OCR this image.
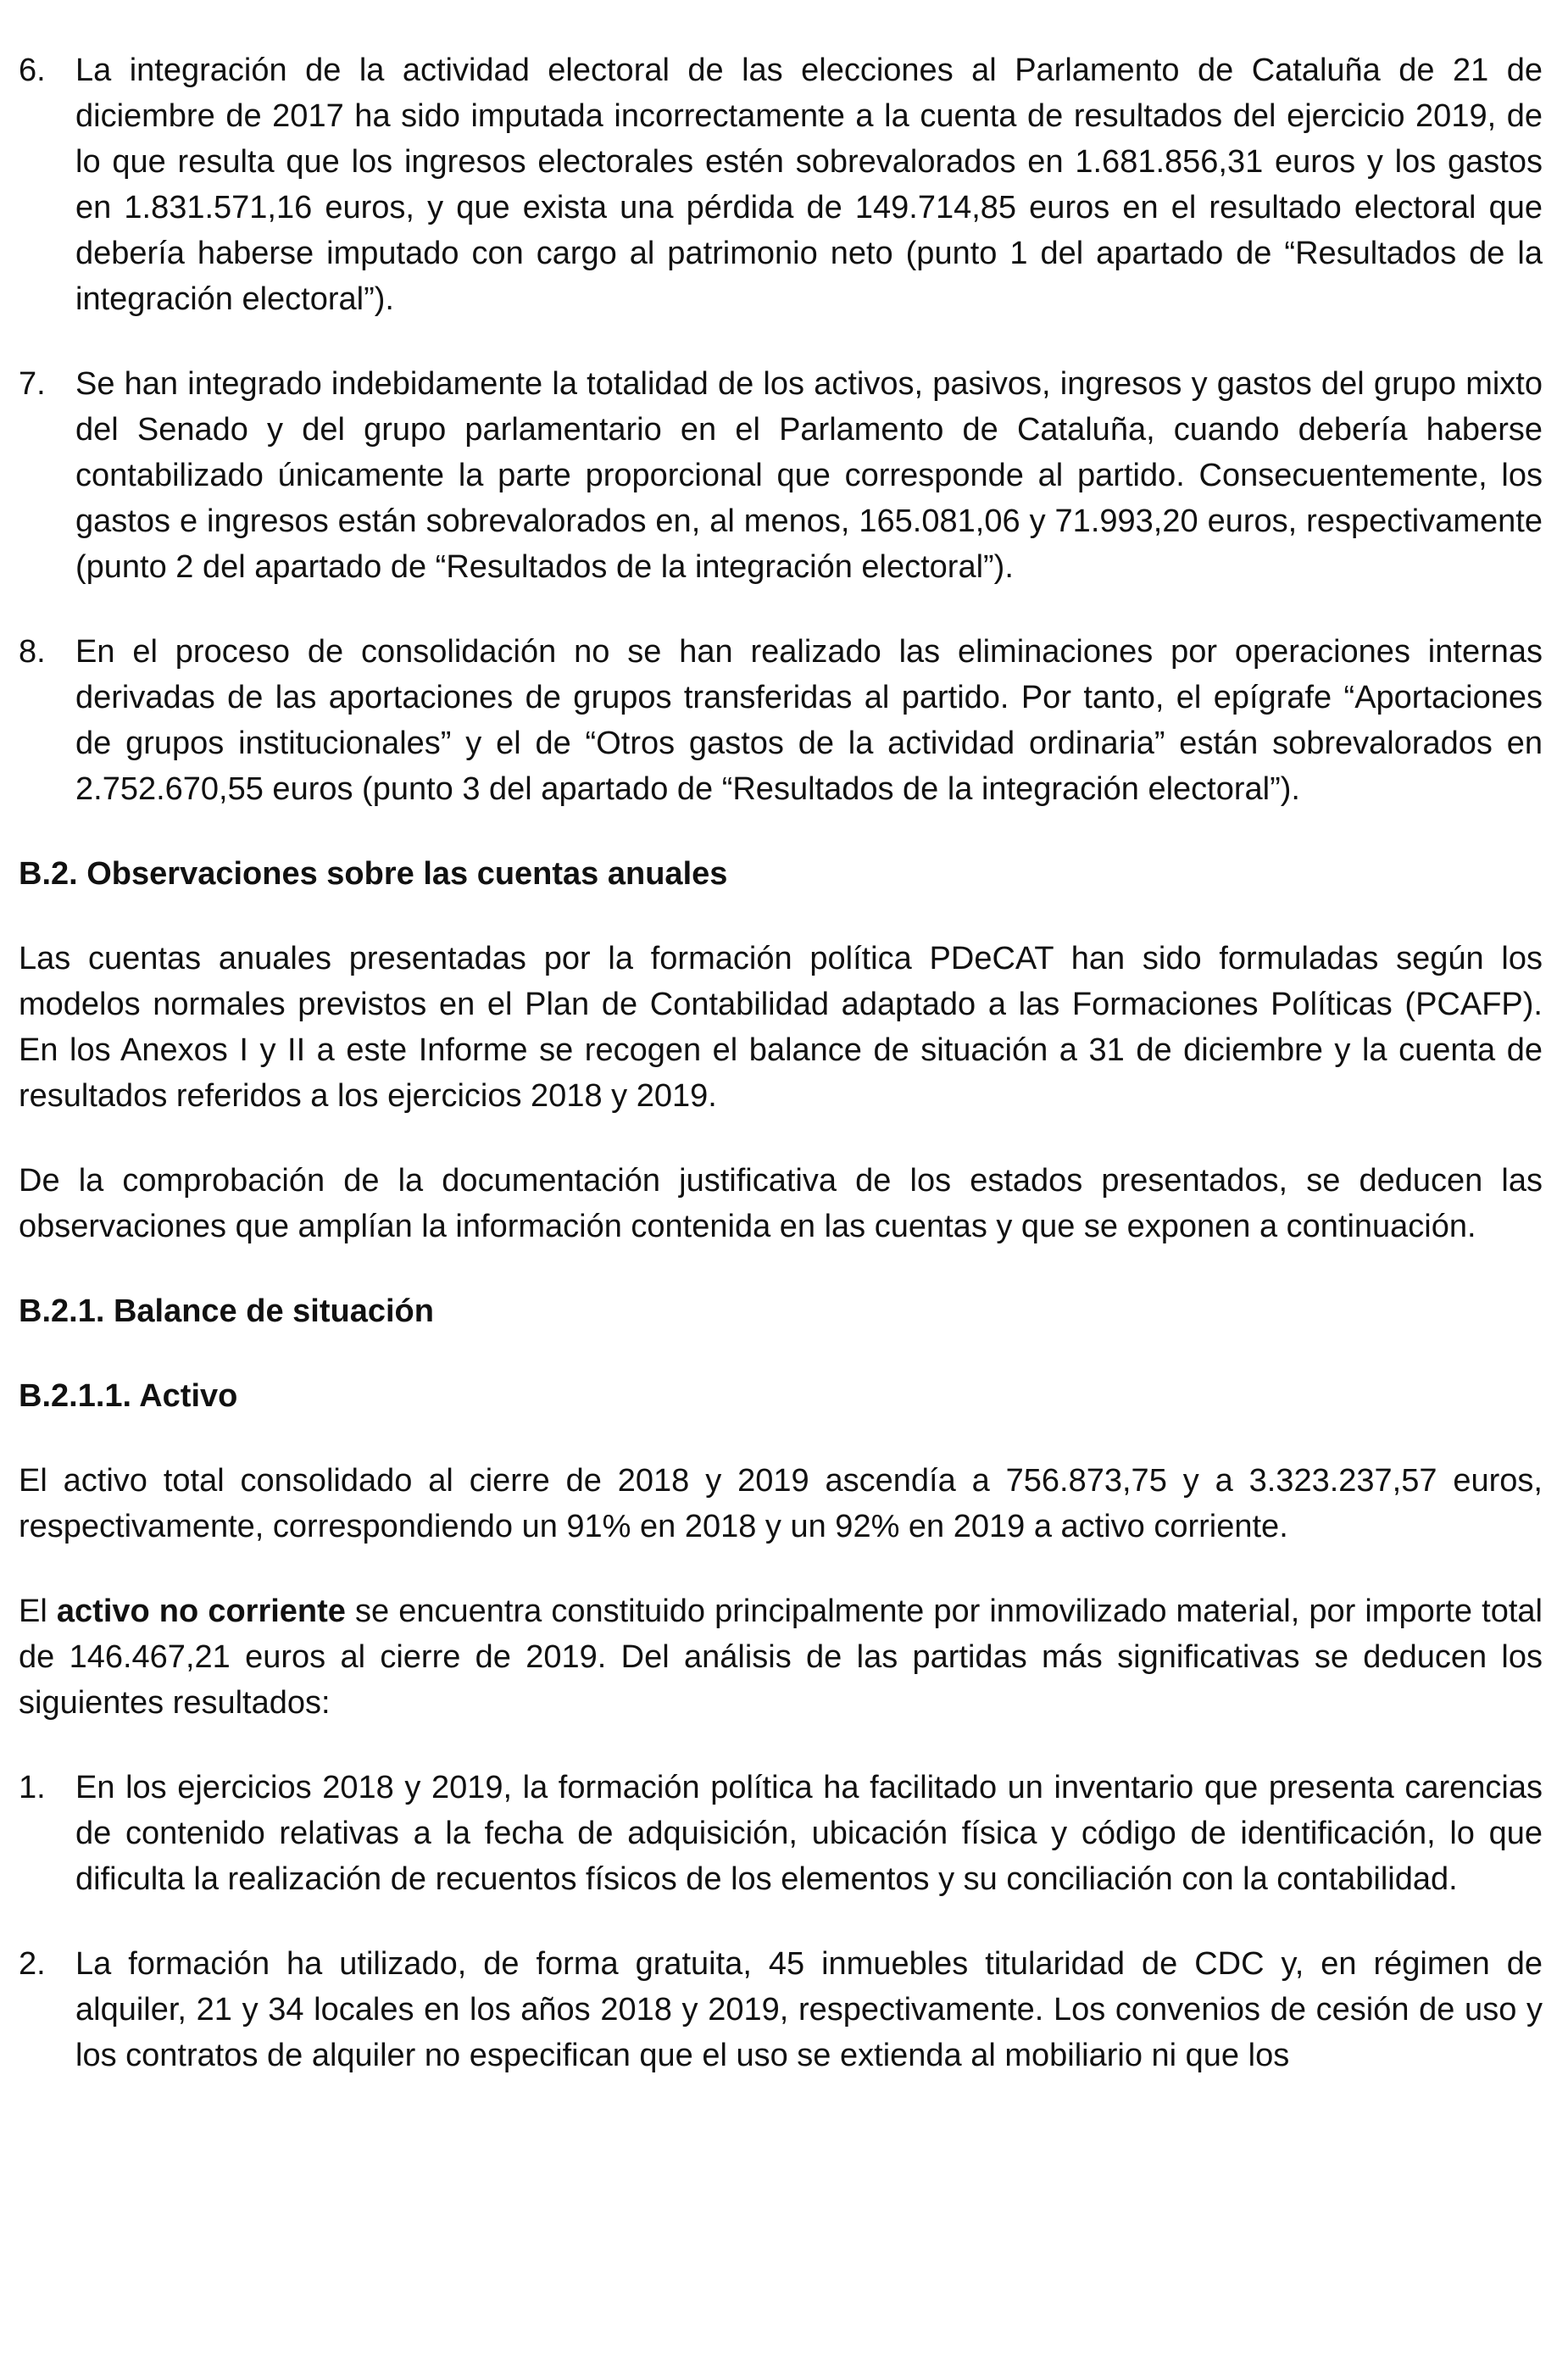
6. La integración de la actividad electoral de las elecciones al Parlamento de Cataluña de 21 de diciembre de 2017 ha sido imputada incorrectamente a la cuenta de resultados del ejercicio 2019, de lo que resulta que los ingresos electorales estén sobrevalorados en 1.681.856,31 euros y los gastos en 1.831.571,16 euros, y que exista una pérdida de 149.714,85 euros en el resultado electoral que debería haberse imputado con cargo al patrimonio neto (punto 1 del apartado de “Resultados de la integración electoral”).

7. Se han integrado indebidamente la totalidad de los activos, pasivos, ingresos y gastos del grupo mixto del Senado y del grupo parlamentario en el Parlamento de Cataluña, cuando debería haberse contabilizado únicamente la parte proporcional que corresponde al partido. Consecuentemente, los gastos e ingresos están sobrevalorados en, al menos, 165.081,06 y 71.993,20 euros, respectivamente (punto 2 del apartado de “Resultados de la integración electoral”).

8. En el proceso de consolidación no se han realizado las eliminaciones por operaciones internas derivadas de las aportaciones de grupos transferidas al partido. Por tanto, el epígrafe “Aportaciones de grupos institucionales” y el de “Otros gastos de la actividad ordinaria” están sobrevalorados en 2.752.670,55 euros (punto 3 del apartado de “Resultados de la integración electoral”).

B.2. Observaciones sobre las cuentas anuales

Las cuentas anuales presentadas por la formación política PDeCAT han sido formuladas según los modelos normales previstos en el Plan de Contabilidad adaptado a las Formaciones Políticas (PCAFP). En los Anexos I y II a este Informe se recogen el balance de situación a 31 de diciembre y la cuenta de resultados referidos a los ejercicios 2018 y 2019.

De la comprobación de la documentación justificativa de los estados presentados, se deducen las observaciones que amplían la información contenida en las cuentas y que se exponen a continuación.

B.2.1. Balance de situación
B.2.1.1. Activo

El activo total consolidado al cierre de 2018 y 2019 ascendía a 756.873,75 y a 3.323.237,57 euros, respectivamente, correspondiendo un 91% en 2018 y un 92% en 2019 a activo corriente.

El activo no corriente se encuentra constituido principalmente por inmovilizado material, por importe total de 146.467,21 euros al cierre de 2019. Del análisis de las partidas más significativas se deducen los siguientes resultados:

1. En los ejercicios 2018 y 2019, la formación política ha facilitado un inventario que presenta carencias de contenido relativas a la fecha de adquisición, ubicación física y código de identificación, lo que dificulta la realización de recuentos físicos de los elementos y su conciliación con la contabilidad.

2. La formación ha utilizado, de forma gratuita, 45 inmuebles titularidad de CDC y, en régimen de alquiler, 21 y 34 locales en los años 2018 y 2019, respectivamente. Los convenios de cesión de uso y los contratos de alquiler no especifican que el uso se extienda al mobiliario ni que los
